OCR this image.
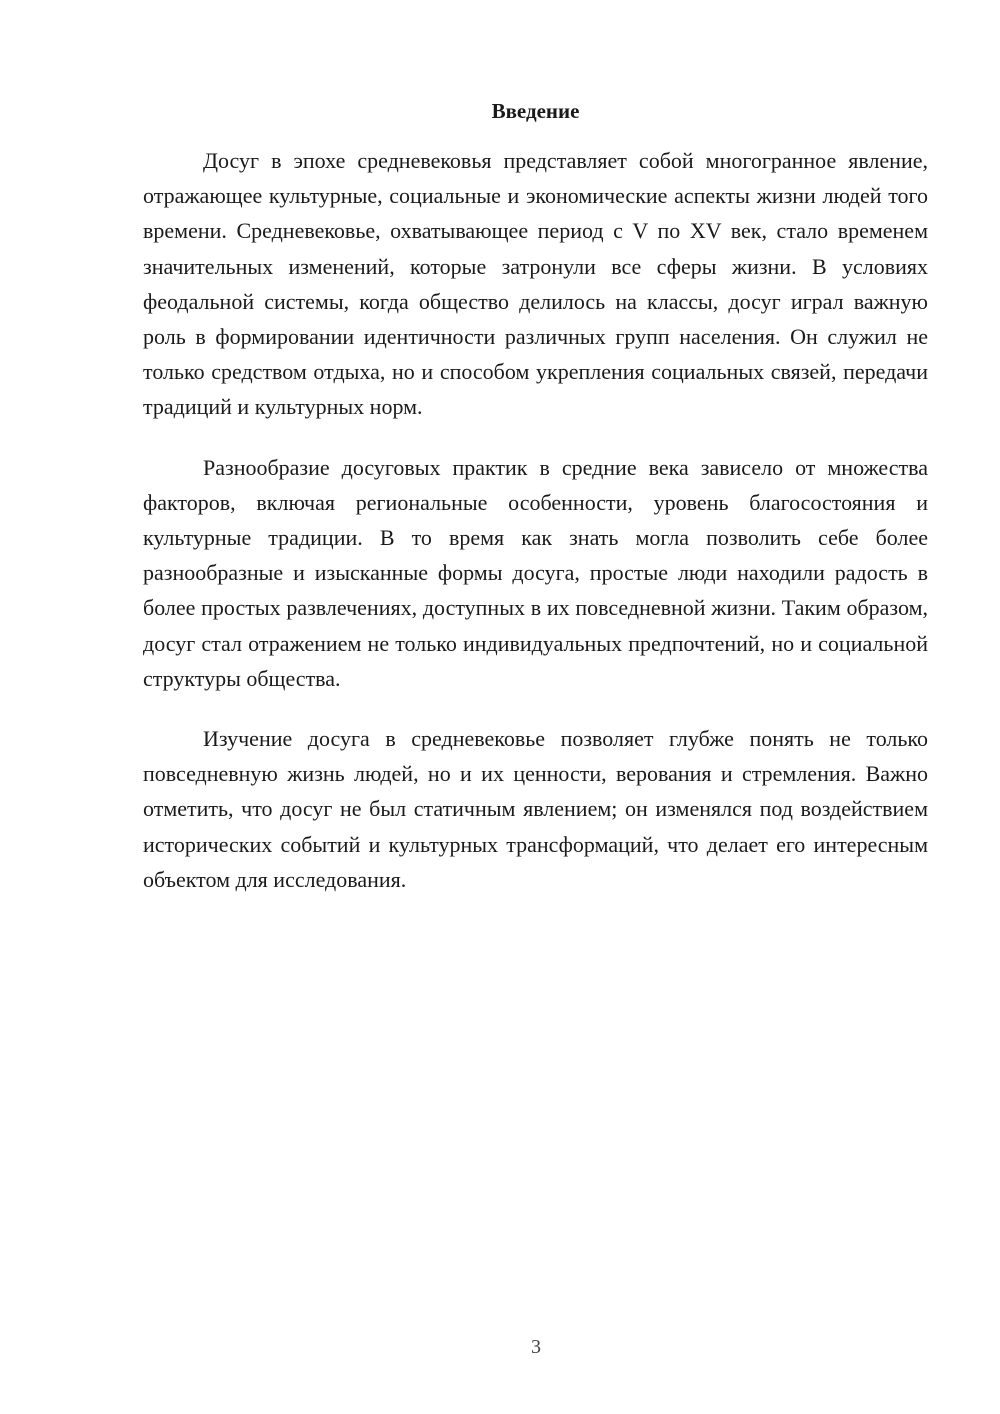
Введение

Досуг в эпохе средневековья представляет собой многогранное явление, отражающее культурные, социальные и экономические аспекты жизни людей того времени. Средневековье, охватывающее период с V по XV век, стало временем значительных изменений, которые затронули все сферы жизни. В условиях феодальной системы, когда общество делилось на классы, досуг играл важную роль в формировании идентичности различных групп населения. Он служил не только средством отдыха, но и способом укрепления социальных связей, передачи традиций и культурных норм.

Разнообразие досуговых практик в средние века зависело от множества факторов, включая региональные особенности, уровень благосостояния и культурные традиции. В то время как знать могла позволить себе более разнообразные и изысканные формы досуга, простые люди находили радость в более простых развлечениях, доступных в их повседневной жизни. Таким образом, досуг стал отражением не только индивидуальных предпочтений, но и социальной структуры общества.

Изучение досуга в средневековье позволяет глубже понять не только повседневную жизнь людей, но и их ценности, верования и стремления. Важно отметить, что досуг не был статичным явлением; он изменялся под воздействием исторических событий и культурных трансформаций, что делает его интересным объектом для исследования.

3
